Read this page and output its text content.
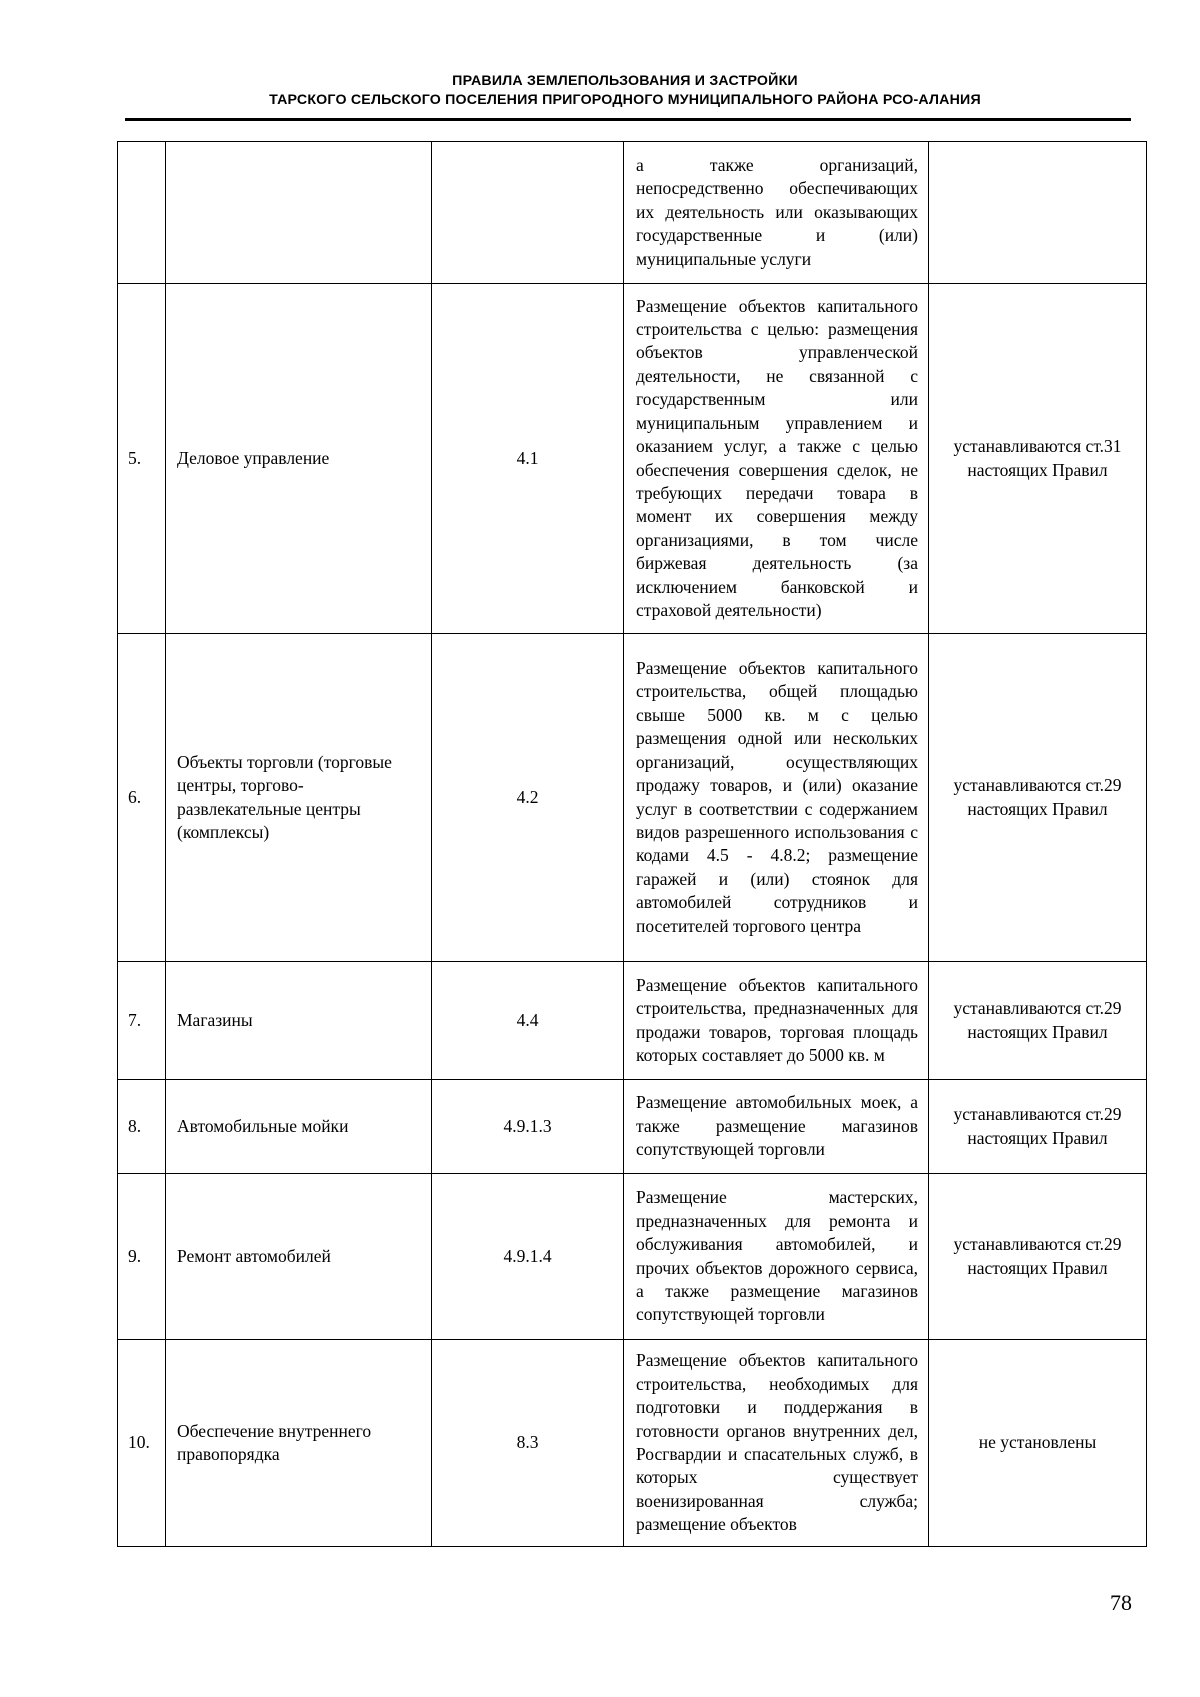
ПРАВИЛА ЗЕМЛЕПОЛЬЗОВАНИЯ И ЗАСТРОЙКИ
ТАРСКОГО СЕЛЬСКОГО ПОСЕЛЕНИЯ ПРИГОРОДНОГО МУНИЦИПАЛЬНОГО РАЙОНА РСО-АЛАНИЯ

			а также организаций, непосредственно обеспечивающих их деятельность или оказывающих государственные и (или) муниципальные услуги	

5.	Деловое управление	4.1	Размещение объектов капитального строительства с целью: размещения объектов управленческой деятельности, не связанной с государственным или муниципальным управлением и оказанием услуг, а также с целью обеспечения совершения сделок, не требующих передачи товара в момент их совершения между организациями, в том числе биржевая деятельность (за исключением банковской и страховой деятельности)	устанавливаются ст.31 настоящих Правил
6.	Объекты торговли (торговые центры, торгово-развлекательные центры (комплексы)	4.2	Размещение объектов капитального строительства, общей площадью свыше 5000 кв. м с целью размещения одной или нескольких организаций, осуществляющих продажу товаров, и (или) оказание услуг в соответствии с содержанием видов разрешенного использования с кодами 4.5 - 4.8.2; размещение гаражей и (или) стоянок для автомобилей сотрудников и посетителей торгового центра	устанавливаются ст.29 настоящих Правил
7.	Магазины	4.4	Размещение объектов капитального строительства, предназначенных для продажи товаров, торговая площадь которых составляет до 5000 кв. м	устанавливаются ст.29 настоящих Правил
8.	Автомобильные мойки	4.9.1.3	Размещение автомобильных моек, а также размещение магазинов сопутствующей торговли	устанавливаются ст.29 настоящих Правил
9.	Ремонт автомобилей	4.9.1.4	Размещение мастерских, предназначенных для ремонта и обслуживания автомобилей, и прочих объектов дорожного сервиса, а также размещение магазинов сопутствующей торговли	устанавливаются ст.29 настоящих Правил
10.	Обеспечение внутреннего правопорядка	8.3	Размещение объектов капитального строительства, необходимых для подготовки и поддержания в готовности органов внутренних дел, Росгвардии и спасательных служб, в которых существует военизированная служба; размещение объектов	не установлены
78
